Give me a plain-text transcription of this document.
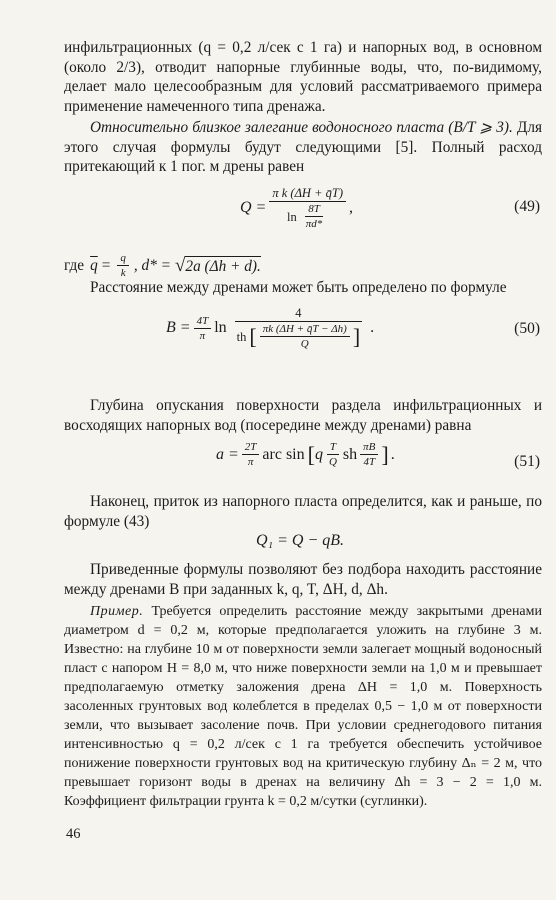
инфильтрационных (q = 0,2 л/сек с 1 га) и напорных вод, в основном (около 2/3), отводит напорные глубинные воды, что, по-видимому, делает мало целесообразным для условий рассматриваемого примера применение намеченного типа дренажа.

Относительно близкое залегание водоносного пласта (B/T ⩾ 3). Для этого случая формулы будут следующими [5]. Полный расход притекающий к 1 пог. м дрены равен

$Q = \frac{\text{π k (ΔH + q̄T)}}{\ln \frac{8T}{\pi d*}}$ ,	(49)
где $\overline{q} = \frac{q}{k}$ , d* = √ 2a (Δh + d).

Расстояние между дренами может быть определено по формуле

$B = \frac{4T}{\pi}$ ln
4
th [ $\frac{\pi k (\Delta H + q̄T - \Delta h)}{Q}$ ] .	(50)

Глубина опускания поверхности раздела инфильтрационных и восходящих напорных вод (посередине между дренами) равна

$a = \frac{2T}{\pi}$ arc sin [ q $\frac{T}{Q}$ sh $\frac{\pi B}{4T}$ ] .	(51)

Наконец, приток из напорного пласта определится, как и раньше, по формуле (43)

Q₁ = Q − qB.

Приведенные формулы позволяют без подбора находить расстояние между дренами B при заданных k, q, T, ΔH, d, Δh.

Пример. Требуется определить расстояние между закрытыми дренами диаметром d = 0,2 м, которые предполагается уложить на глубине 3 м. Известно: на глубине 10 м от поверхности земли залегает мощный водоносный пласт с напором H = 8,0 м, что ниже поверхности земли на 1,0 м и превышает предполагаемую отметку заложения дрена ΔH = 1,0 м. Поверхность засоленных грунтовых вод колеблется в пределах 0,5 − 1,0 м от поверхности земли, что вызывает засоление почв. При условии среднегодового питания интенсивностью q = 0,2 л/сек с 1 га требуется обеспечить устойчивое понижение поверхности грунтовых вод на критическую глубину Δₙ = 2 м, что превышает горизонт воды в дренах на величину Δh = 3 − 2 = 1,0 м. Коэффициент фильтрации грунта k = 0,2 м/сутки (суглинки).

46
